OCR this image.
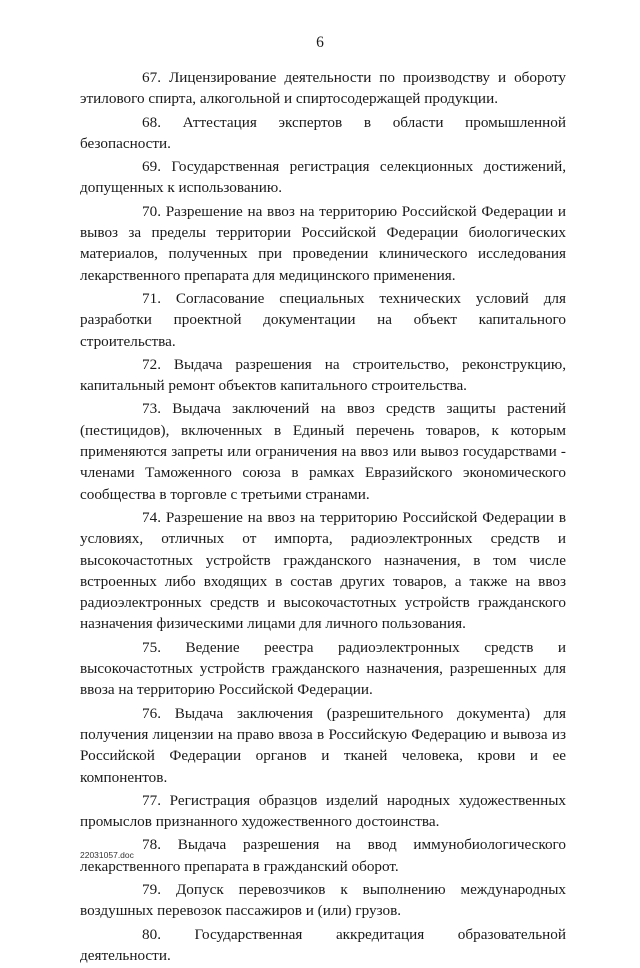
6

67. Лицензирование деятельности по производству и обороту этилового спирта, алкогольной и спиртосодержащей продукции.

68. Аттестация экспертов в области промышленной безопасности.

69. Государственная регистрация селекционных достижений, допущенных к использованию.

70. Разрешение на ввоз на территорию Российской Федерации и вывоз за пределы территории Российской Федерации биологических материалов, полученных при проведении клинического исследования лекарственного препарата для медицинского применения.

71. Согласование специальных технических условий для разработки проектной документации на объект капитального строительства.

72. Выдача разрешения на строительство, реконструкцию, капитальный ремонт объектов капитального строительства.

73. Выдача заключений на ввоз средств защиты растений (пестицидов), включенных в Единый перечень товаров, к которым применяются запреты или ограничения на ввоз или вывоз государствами - членами Таможенного союза в рамках Евразийского экономического сообщества в торговле с третьими странами.

74. Разрешение на ввоз на территорию Российской Федерации в условиях, отличных от импорта, радиоэлектронных средств и высокочастотных устройств гражданского назначения, в том числе встроенных либо входящих в состав других товаров, а также на ввоз радиоэлектронных средств и высокочастотных устройств гражданского назначения физическими лицами для личного пользования.

75. Ведение реестра радиоэлектронных средств и высокочастотных устройств гражданского назначения, разрешенных для ввоза на территорию Российской Федерации.

76. Выдача заключения (разрешительного документа) для получения лицензии на право ввоза в Российскую Федерацию и вывоза из Российской Федерации органов и тканей человека, крови и ее компонентов.

77. Регистрация образцов изделий народных художественных промыслов признанного художественного достоинства.

78. Выдача разрешения на ввод иммунобиологического лекарственного препарата в гражданский оборот.

79. Допуск перевозчиков к выполнению международных воздушных перевозок пассажиров и (или) грузов.

80. Государственная аккредитация образовательной деятельности.

22031057.doc
